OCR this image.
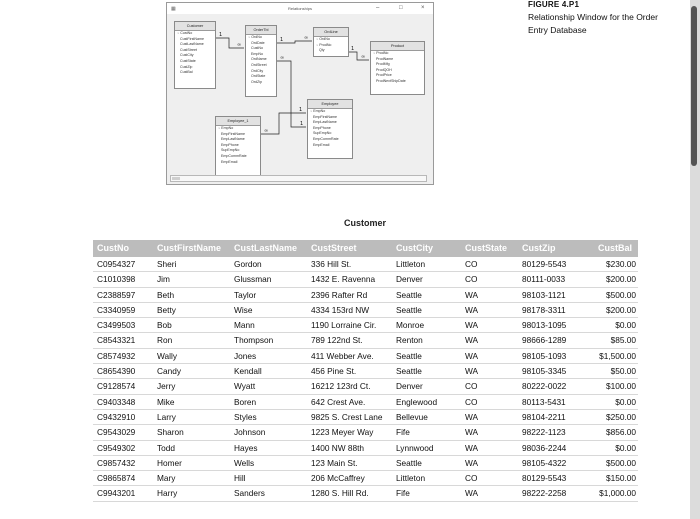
▦	Relationships	–	□	×
Customer
♀ CustNo
CustFirstName
CustLastName
CustStreet
CustCity
CustState
CustZip
CustBal
OrderTbl
♀ OrdNo
OrdDate
CustNo
EmpNo
OrdName
OrdStreet
OrdCity
OrdState
OrdZip
OrdLine
♀ OrdNo
♀ ProdNo
Qty
Product
♀ ProdNo
ProdName
ProdMfg
ProdQOH
ProdPrice
ProdNextShipDate
Employee
♀ EmpNo
EmpFirstName
EmpLastName
EmpPhone
SupEmpNo
EmpCommRate
EmpEmail
Employee_1
♀ EmpNo
EmpFirstName
EmpLastName
EmpPhone
SupEmpNo
EmpCommRate
EmpEmail
1
∞
1	∞
1
∞
∞
1
∞
1
FIGURE 4.P1
Relationship Window for the Order Entry Database
Customer
CustNo	CustFirstName	CustLastName	CustStreet	CustCity	CustState	CustZip	CustBal
C0954327	Sheri	Gordon	336 Hill St.	Littleton	CO	80129-5543	$230.00
C1010398	Jim	Glussman	1432 E. Ravenna	Denver	CO	80111-0033	$200.00
C2388597	Beth	Taylor	2396 Rafter Rd	Seattle	WA	98103-1121	$500.00
C3340959	Betty	Wise	4334 153rd NW	Seattle	WA	98178-3311	$200.00
C3499503	Bob	Mann	1190 Lorraine Cir.	Monroe	WA	98013-1095	$0.00
C8543321	Ron	Thompson	789 122nd St.	Renton	WA	98666-1289	$85.00
C8574932	Wally	Jones	411 Webber Ave.	Seattle	WA	98105-1093	$1,500.00
C8654390	Candy	Kendall	456 Pine St.	Seattle	WA	98105-3345	$50.00
C9128574	Jerry	Wyatt	16212 123rd Ct.	Denver	CO	80222-0022	$100.00
C9403348	Mike	Boren	642 Crest Ave.	Englewood	CO	80113-5431	$0.00
C9432910	Larry	Styles	9825 S. Crest Lane	Bellevue	WA	98104-2211	$250.00
C9543029	Sharon	Johnson	1223 Meyer Way	Fife	WA	98222-1123	$856.00
C9549302	Todd	Hayes	1400 NW 88th	Lynnwood	WA	98036-2244	$0.00
C9857432	Homer	Wells	123 Main St.	Seattle	WA	98105-4322	$500.00
C9865874	Mary	Hill	206 McCaffrey	Littleton	CO	80129-5543	$150.00
C9943201	Harry	Sanders	1280 S. Hill Rd.	Fife	WA	98222-2258	$1,000.00
